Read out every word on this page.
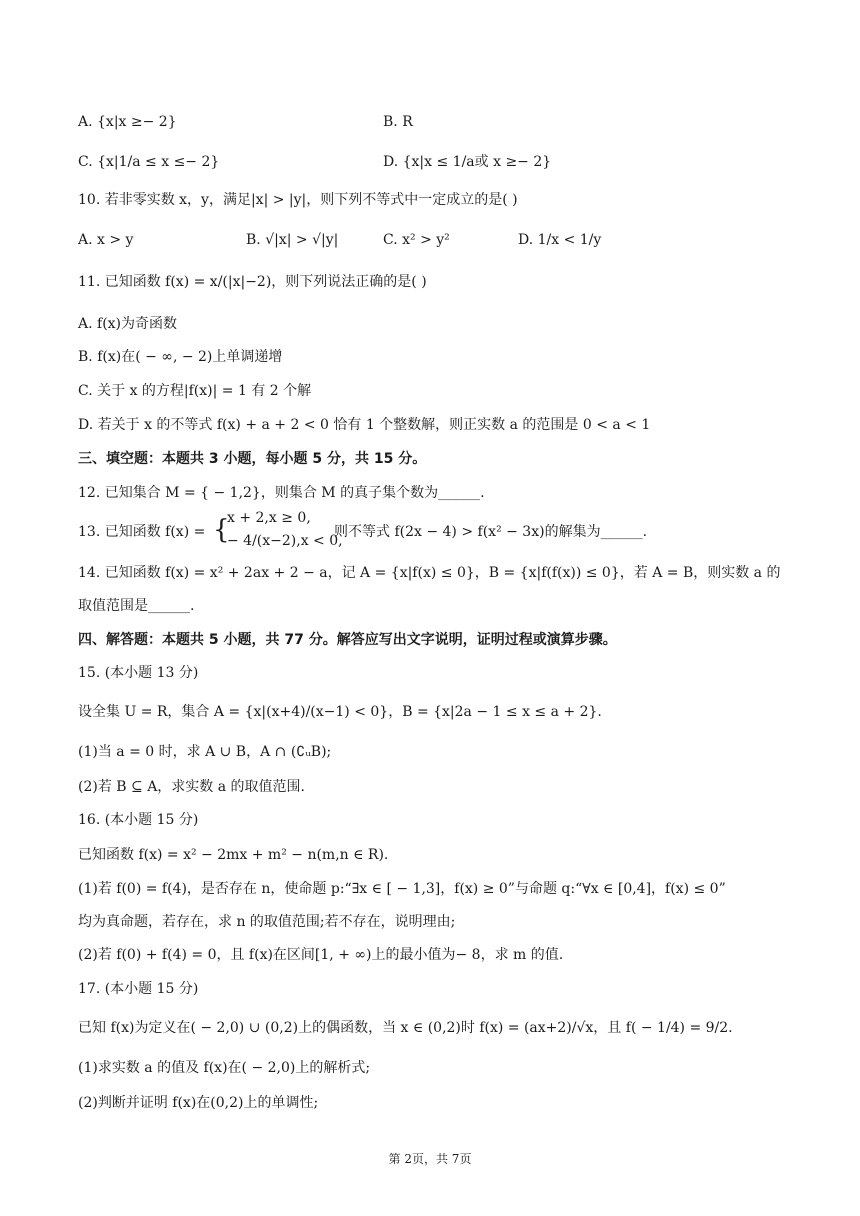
A. {x|x ≥− 2}	B. R
C. {x|1/a ≤ x ≤− 2}	D. {x|x ≤ 1/a或 x ≥− 2}
10. 若非零实数 x，y，满足|x| > |y|，则下列不等式中一定成立的是( )
A. x > y	B. √|x| > √|y|	C. x² > y²	D. 1/x < 1/y
11. 已知函数 f(x) = x/(|x|−2)，则下列说法正确的是( )
A. f(x)为奇函数
B. f(x)在( − ∞, − 2)上单调递增
C. 关于 x 的方程|f(x)| = 1 有 2 个解
D. 若关于 x 的不等式 f(x) + a + 2 < 0 恰有 1 个整数解，则正实数 a 的范围是 0 < a < 1
三、填空题：本题共 3 小题，每小题 5 分，共 15 分。
12. 已知集合 M = { − 1,2}，则集合 M 的真子集个数为______.
13. 已知函数 f(x) = {
x + 2,x ≥ 0,
− 4/(x−2),x < 0,
则不等式 f(2x − 4) > f(x² − 3x)的解集为______.
14. 已知函数 f(x) = x² + 2ax + 2 − a，记 A = {x|f(x) ≤ 0}，B = {x|f(f(x)) ≤ 0}，若 A = B，则实数 a 的
取值范围是______.
四、解答题：本题共 5 小题，共 77 分。解答应写出文字说明，证明过程或演算步骤。
15. (本小题 13 分)
设全集 U = R，集合 A = {x|(x+4)/(x−1) < 0}，B = {x|2a − 1 ≤ x ≤ a + 2}.
(1)当 a = 0 时，求 A ∪ B，A ∩ (∁ᵤB);
(2)若 B ⊆ A，求实数 a 的取值范围.
16. (本小题 15 分)
已知函数 f(x) = x² − 2mx + m² − n(m,n ∈ R).
(1)若 f(0) = f(4)，是否存在 n，使命题 p:“∃x ∈ [ − 1,3]，f(x) ≥ 0”与命题 q:“∀x ∈ [0,4]，f(x) ≤ 0”
均为真命题，若存在，求 n 的取值范围;若不存在，说明理由;
(2)若 f(0) + f(4) = 0，且 f(x)在区间[1, + ∞)上的最小值为− 8，求 m 的值.
17. (本小题 15 分)
已知 f(x)为定义在( − 2,0) ∪ (0,2)上的偶函数，当 x ∈ (0,2)时 f(x) = (ax+2)/√x，且 f( − 1/4) = 9/2.
(1)求实数 a 的值及 f(x)在( − 2,0)上的解析式;
(2)判断并证明 f(x)在(0,2)上的单调性;
第 2页，共 7页
